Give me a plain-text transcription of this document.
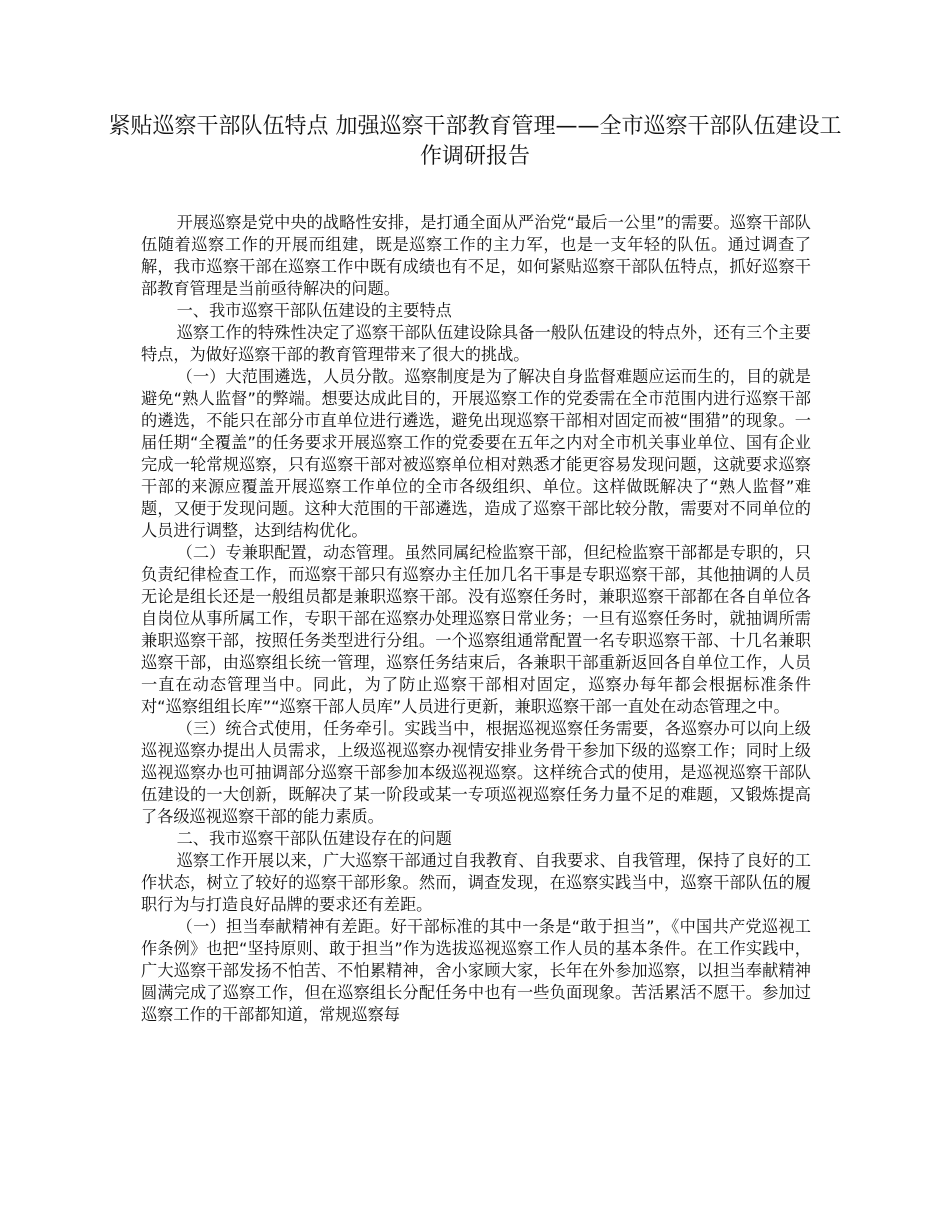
紧贴巡察干部队伍特点 加强巡察干部教育管理——全市巡察干部队伍建设工作调研报告

开展巡察是党中央的战略性安排，是打通全面从严治党“最后一公里”的需要。巡察干部队伍随着巡察工作的开展而组建，既是巡察工作的主力军，也是一支年轻的队伍。通过调查了解，我市巡察干部在巡察工作中既有成绩也有不足，如何紧贴巡察干部队伍特点，抓好巡察干部教育管理是当前亟待解决的问题。

一、我市巡察干部队伍建设的主要特点

巡察工作的特殊性决定了巡察干部队伍建设除具备一般队伍建设的特点外，还有三个主要特点，为做好巡察干部的教育管理带来了很大的挑战。

（一）大范围遴选，人员分散。巡察制度是为了解决自身监督难题应运而生的，目的就是避免“熟人监督”的弊端。想要达成此目的，开展巡察工作的党委需在全市范围内进行巡察干部的遴选，不能只在部分市直单位进行遴选，避免出现巡察干部相对固定而被“围猎”的现象。一届任期“全覆盖”的任务要求开展巡察工作的党委要在五年之内对全市机关事业单位、国有企业完成一轮常规巡察，只有巡察干部对被巡察单位相对熟悉才能更容易发现问题，这就要求巡察干部的来源应覆盖开展巡察工作单位的全市各级组织、单位。这样做既解决了“熟人监督”难题，又便于发现问题。这种大范围的干部遴选，造成了巡察干部比较分散，需要对不同单位的人员进行调整，达到结构优化。

（二）专兼职配置，动态管理。虽然同属纪检监察干部，但纪检监察干部都是专职的，只负责纪律检查工作，而巡察干部只有巡察办主任加几名干事是专职巡察干部，其他抽调的人员无论是组长还是一般组员都是兼职巡察干部。没有巡察任务时，兼职巡察干部都在各自单位各自岗位从事所属工作，专职干部在巡察办处理巡察日常业务；一旦有巡察任务时，就抽调所需兼职巡察干部，按照任务类型进行分组。一个巡察组通常配置一名专职巡察干部、十几名兼职巡察干部，由巡察组长统一管理，巡察任务结束后，各兼职干部重新返回各自单位工作，人员一直在动态管理当中。同此，为了防止巡察干部相对固定，巡察办每年都会根据标准条件对“巡察组组长库”“巡察干部人员库”人员进行更新，兼职巡察干部一直处在动态管理之中。

（三）统合式使用，任务牵引。实践当中，根据巡视巡察任务需要，各巡察办可以向上级巡视巡察办提出人员需求，上级巡视巡察办视情安排业务骨干参加下级的巡察工作；同时上级巡视巡察办也可抽调部分巡察干部参加本级巡视巡察。这样统合式的使用，是巡视巡察干部队伍建设的一大创新，既解决了某一阶段或某一专项巡视巡察任务力量不足的难题，又锻炼提高了各级巡视巡察干部的能力素质。

二、我市巡察干部队伍建设存在的问题

巡察工作开展以来，广大巡察干部通过自我教育、自我要求、自我管理，保持了良好的工作状态，树立了较好的巡察干部形象。然而，调查发现，在巡察实践当中，巡察干部队伍的履职行为与打造良好品牌的要求还有差距。

（一）担当奉献精神有差距。好干部标准的其中一条是“敢于担当”，《中国共产党巡视工作条例》也把“坚持原则、敢于担当”作为选拔巡视巡察工作人员的基本条件。在工作实践中，广大巡察干部发扬不怕苦、不怕累精神，舍小家顾大家，长年在外参加巡察，以担当奉献精神圆满完成了巡察工作，但在巡察组长分配任务中也有一些负面现象。苦活累活不愿干。参加过巡察工作的干部都知道，常规巡察每
